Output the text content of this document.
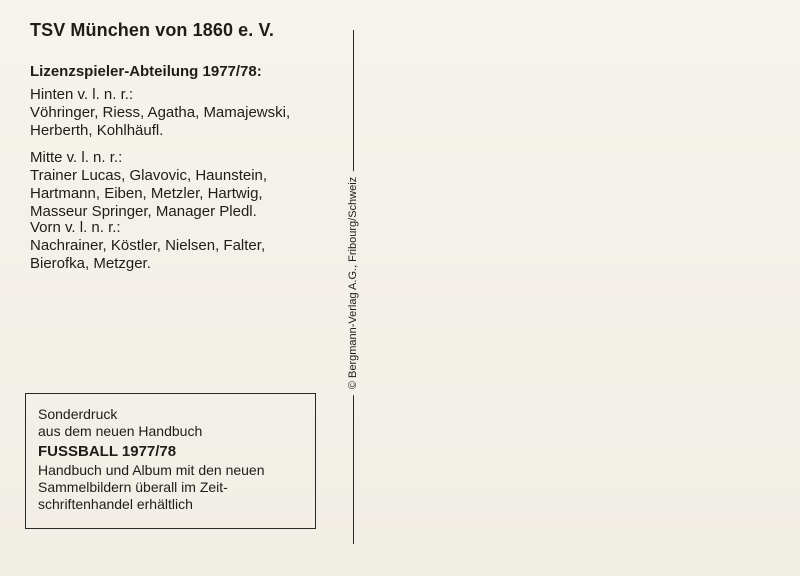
TSV München von 1860 e. V.
Lizenzspieler-Abteilung 1977/78:
Hinten v. l. n. r.:
Vöhringer, Riess, Agatha, Mamajewski,
Herberth, Kohlhäufl.
Mitte v. l. n. r.:
Trainer Lucas, Glavovic, Haunstein,
Hartmann, Eiben, Metzler, Hartwig,
Masseur Springer, Manager Pledl.
Vorn v. l. n. r.:
Nachrainer, Köstler, Nielsen, Falter,
Bierofka, Metzger.
Sonderdruck
aus dem neuen Handbuch
FUSSBALL 1977/78
Handbuch und Album mit den neuen
Sammelbildern überall im Zeit-
schriftenhandel erhältlich
© Bergmann-Verlag A.G., Fribourg/Schweiz
